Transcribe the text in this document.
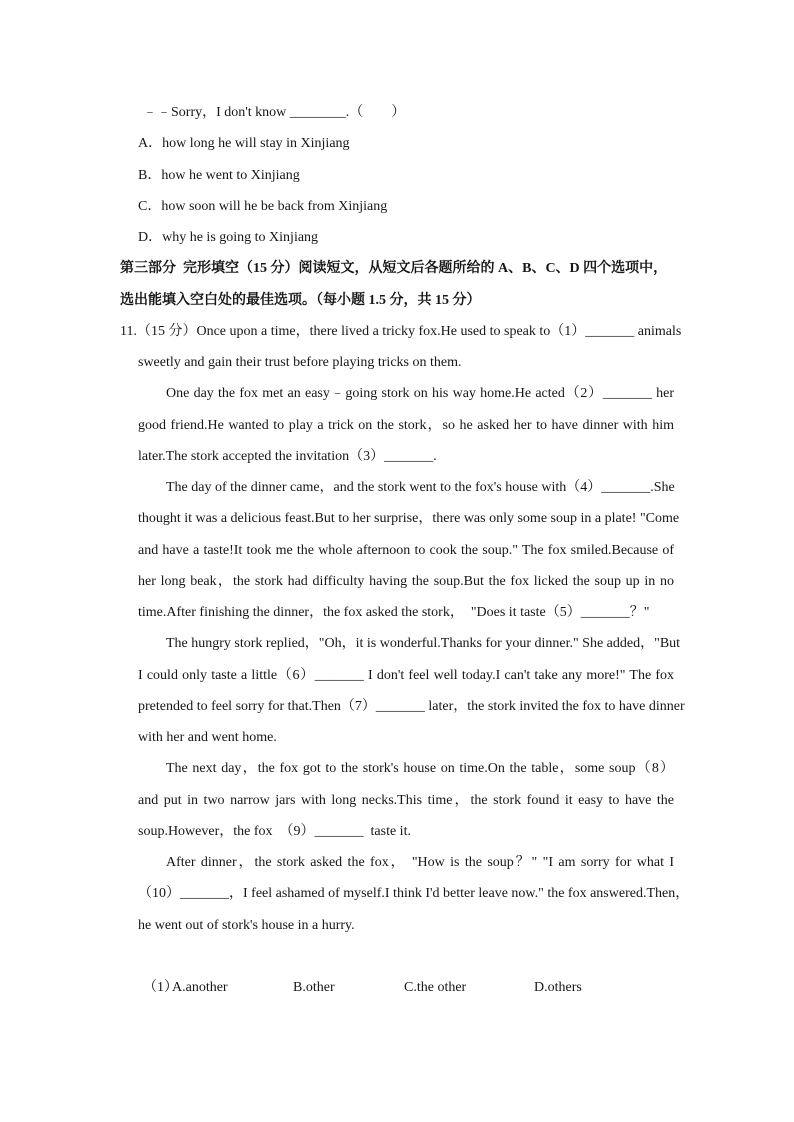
﹣﹣Sorry，I don't know ________.（　　）
A．how long he will stay in Xinjiang
B．how he went to Xinjiang
C．how soon will he be back from Xinjiang
D．why he is going to Xinjiang
第三部分  完形填空（15 分）阅读短文，从短文后各题所给的 A、B、C、D 四个选项中，
选出能填入空白处的最佳选项。（每小题 1.5 分，共 15 分）
11. （15 分） Once upon a time，there lived a tricky fox.He used to speak to（1）_______ animals
sweetly and gain their trust before playing tricks on them.
One day the fox met an easy﹣going stork on his way home.He acted（2）_______ her
good friend.He wanted to play a trick on the stork，so he asked her to have dinner with him
later.The stork accepted the invitation（3）_______.
The day of the dinner came，and the stork went to the fox's house with（4）_______.She
thought it was a delicious feast.But to her surprise，there was only some soup in a plate! "Come
and have a taste!It took me the whole afternoon to cook the soup." The fox smiled.Because of
her long beak，the stork had difficulty having the soup.But the fox licked the soup up in no
time.After finishing the dinner，the fox asked the stork，  "Does it taste（5）_______？"
The hungry stork replied，"Oh，it is wonderful.Thanks for your dinner." She added，"But
I could only taste a little（6）_______ I don't feel well today.I can't take any more!" The fox
pretended to feel sorry for that.Then（7）_______ later，the stork invited the fox to have dinner
with her and went home.
The next day，the fox got to the stork's house on time.On the table，some soup（8）
and put in two narrow jars with long necks.This time，the stork found it easy to have the
soup.However，the fox  （9）_______  taste it.
After dinner，the stork asked the fox， "How is the soup？" "I am sorry for what I
（10）_______，I feel ashamed of myself.I think I'd better leave now." the fox answered.Then，
he went out of stork's house in a hurry.
（1）
A.another	B.other	C.the other	D.others
